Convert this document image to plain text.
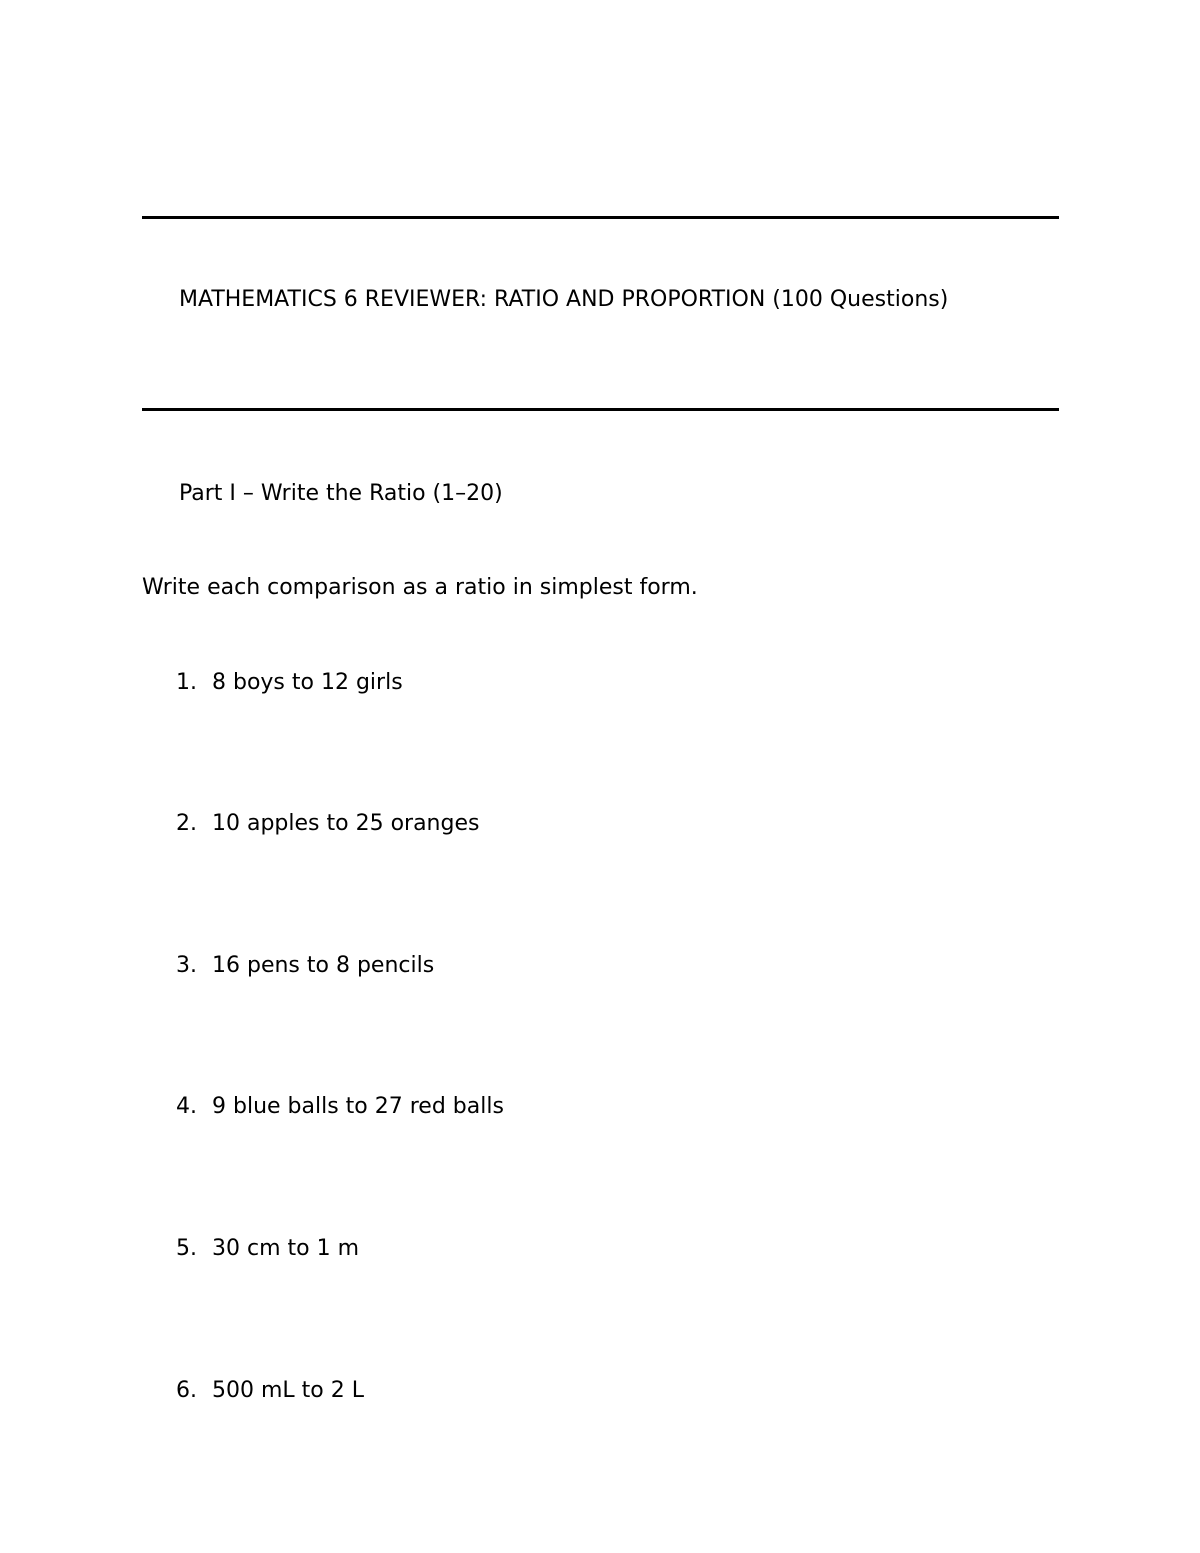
MATHEMATICS 6 REVIEWER: RATIO AND PROPORTION (100 Questions)
Part I – Write the Ratio (1–20)
Write each comparison as a ratio in simplest form.
1. 8 boys to 12 girls
2. 10 apples to 25 oranges
3. 16 pens to 8 pencils
4. 9 blue balls to 27 red balls
5. 30 cm to 1 m
6. 500 mL to 2 L
